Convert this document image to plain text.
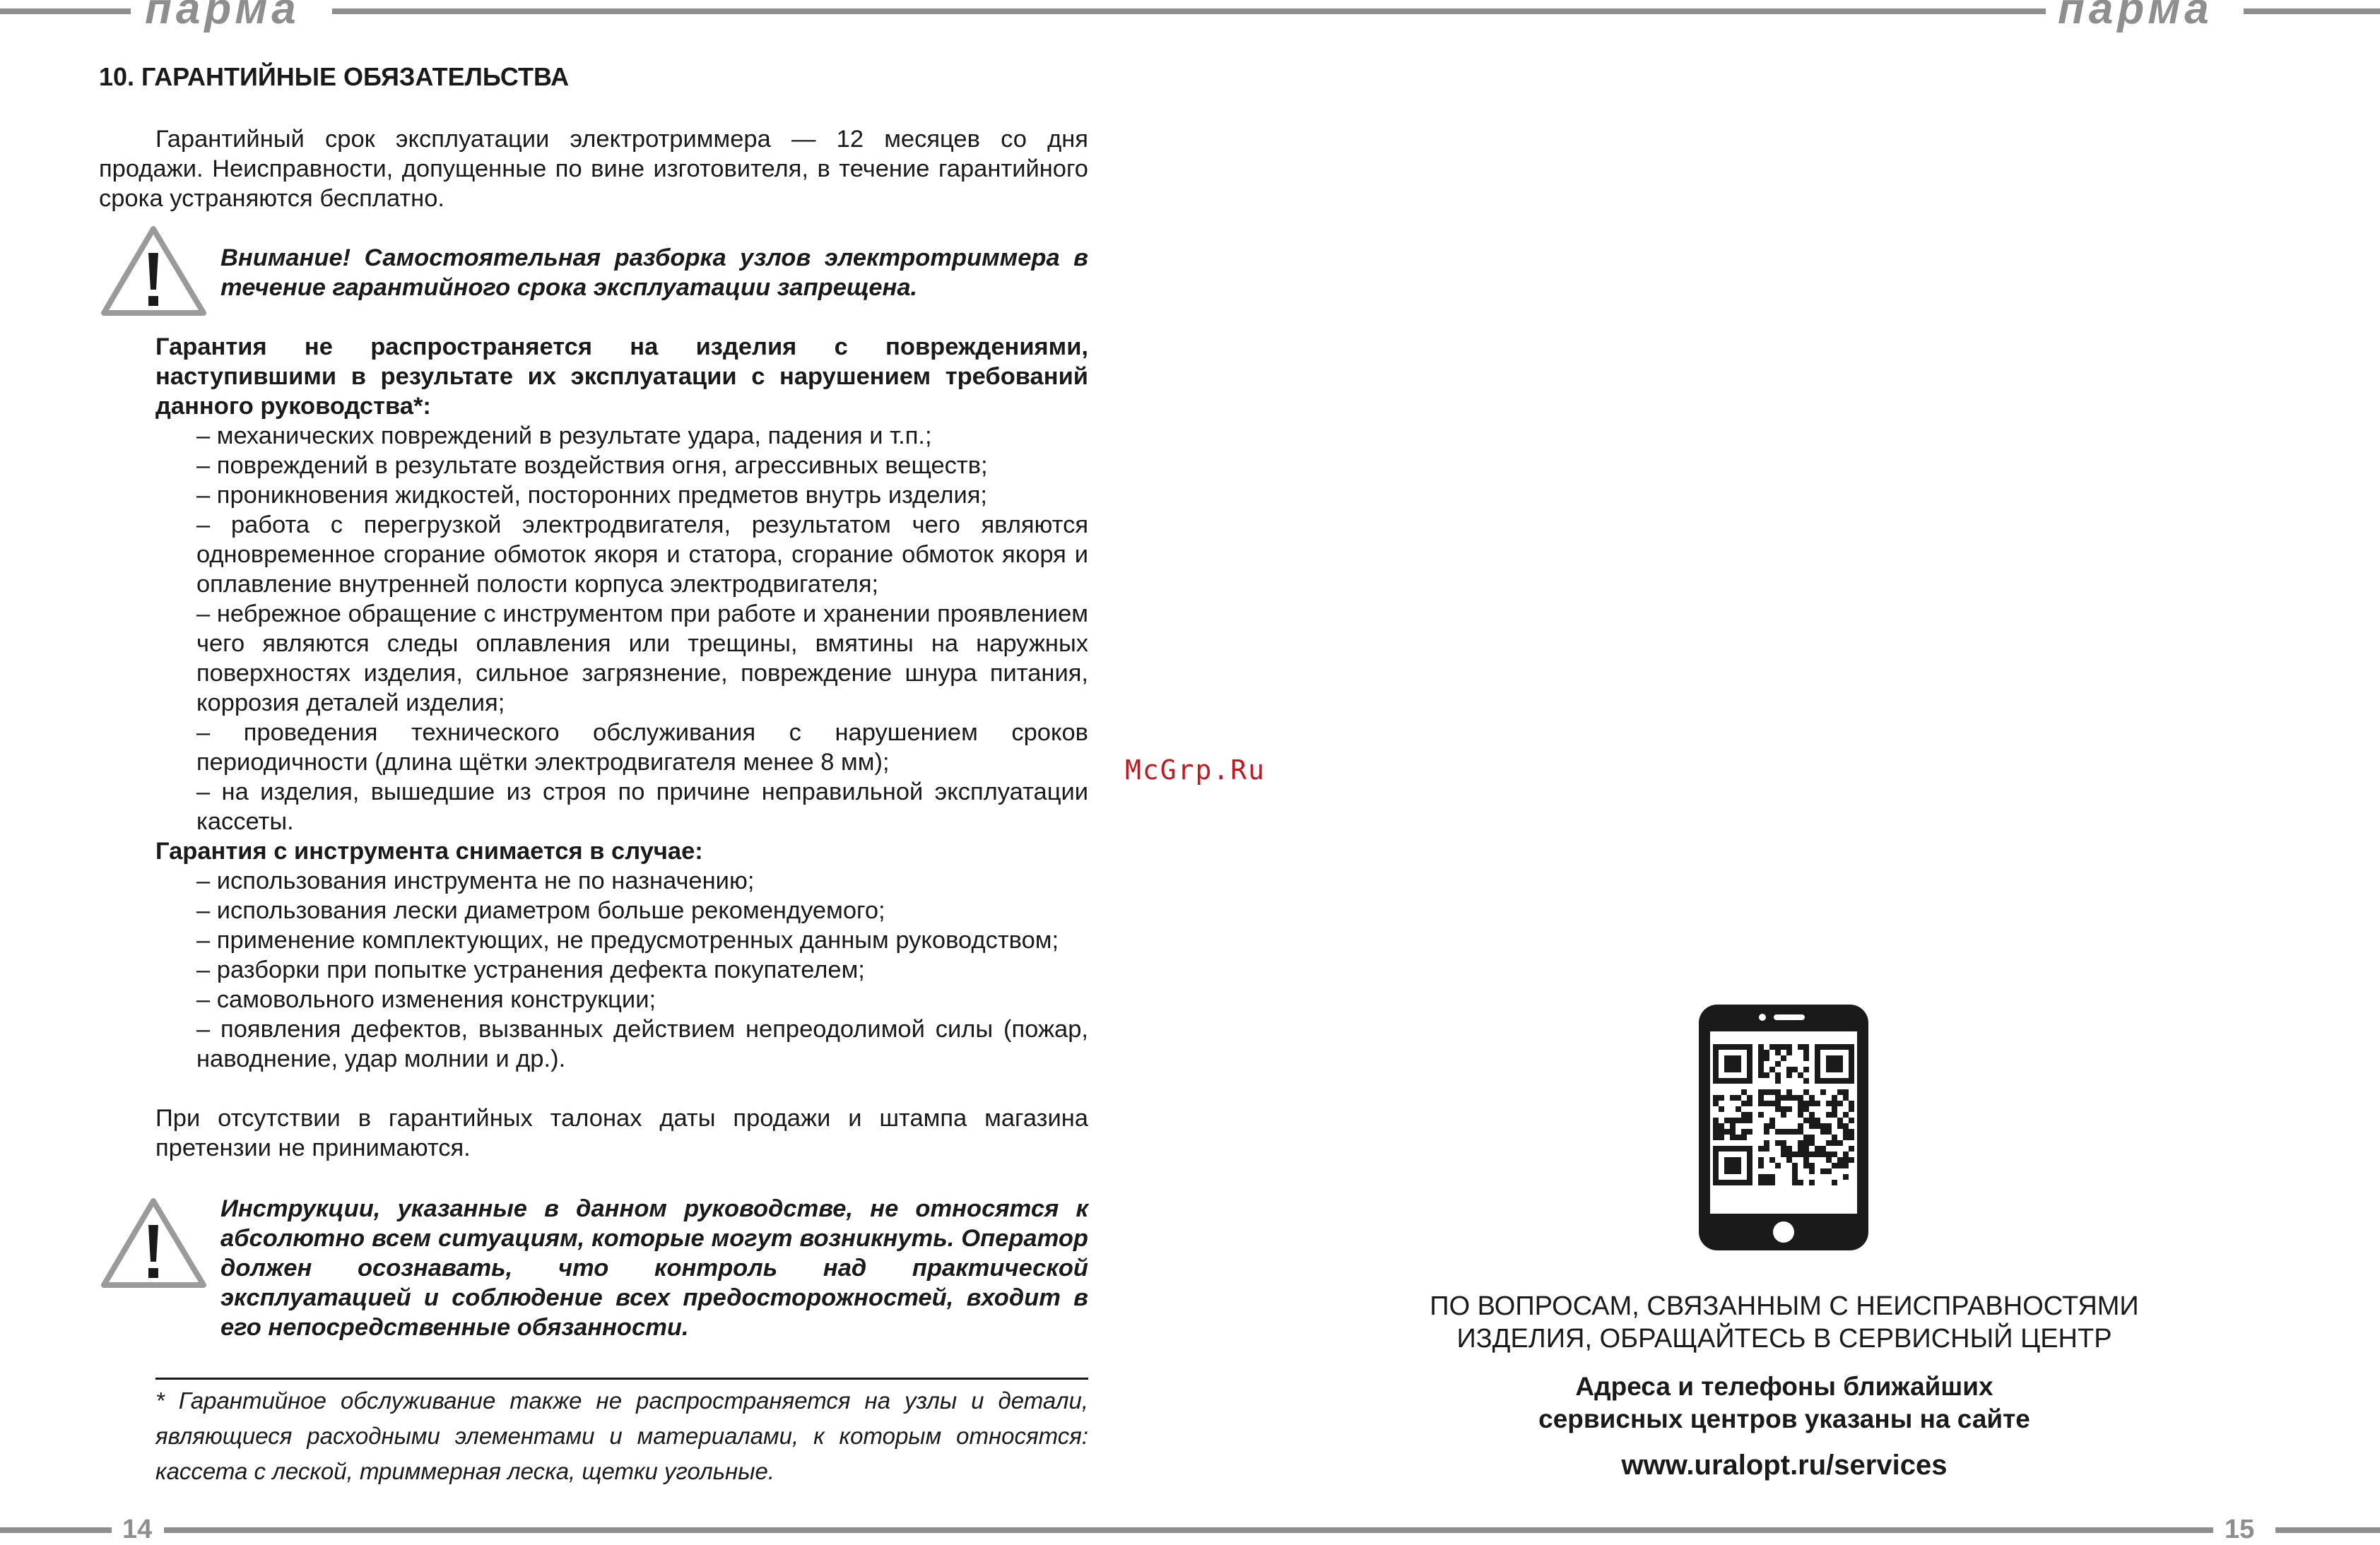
парма	парма
14	15
10. ГАРАНТИЙНЫЕ ОБЯЗАТЕЛЬСТВА
Гарантийный срок эксплуатации электротриммера — 12 месяцев со дня продажи. Неисправности, допущенные по вине изготовителя, в течение гарантийного срока устраняются бесплатно.
Внимание! Самостоятельная разборка узлов электротриммера в течение гарантийного срока эксплуатации запрещена.
Гарантия не распространяется на изделия с повреждениями, наступившими в результате их эксплуатации с нарушением требований данного руководства*:
– механических повреждений в результате удара, падения и т.п.;
– повреждений в результате воздействия огня, агрессивных веществ;
– проникновения жидкостей, посторонних предметов внутрь изделия;
– работа с перегрузкой электродвигателя, результатом чего являются одновременное сгорание обмоток якоря и статора, сгорание обмоток якоря и оплавление внутренней полости корпуса электродвигателя;
– небрежное обращение с инструментом при работе и хранении проявлением чего являются следы оплавления или трещины, вмятины на наружных поверхностях изделия, сильное загрязнение, повреждение шнура питания, коррозия деталей изделия;
– проведения технического обслуживания с нарушением сроков периодичности (длина щётки электродвигателя менее 8 мм);
– на изделия, вышедшие из строя по причине неправильной эксплуатации кассеты.
Гарантия с инструмента снимается в случае:
– использования инструмента не по назначению;
– использования лески диаметром больше рекомендуемого;
– применение комплектующих, не предусмотренных данным руководством;
– разборки при попытке устранения дефекта покупателем;
– самовольного изменения конструкции;
– появления дефектов, вызванных действием непреодолимой силы (пожар, наводнение, удар молнии и др.).
При отсутствии в гарантийных талонах даты продажи и штампа магазина претензии не принимаются.
Инструкции, указанные в данном руководстве, не относятся к абсолютно всем ситуациям, которые могут возникнуть. Оператор должен осознавать, что контроль над практической эксплуатацией и соблюдение всех предосторожностей, входит в его непосредственные обязанности.
* Гарантийное обслуживание также не распространяется на узлы и детали, являющиеся расходными элементами и материалами, к которым относятся: кассета с леской, триммерная леска, щетки угольные.
McGrp.Ru
ПО ВОПРОСАМ, СВЯЗАННЫМ С НЕИСПРАВНОСТЯМИ
ИЗДЕЛИЯ, ОБРАЩАЙТЕСЬ В СЕРВИСНЫЙ ЦЕНТР
Адреса и телефоны ближайших
сервисных центров указаны на сайте
www.uralopt.ru/services
